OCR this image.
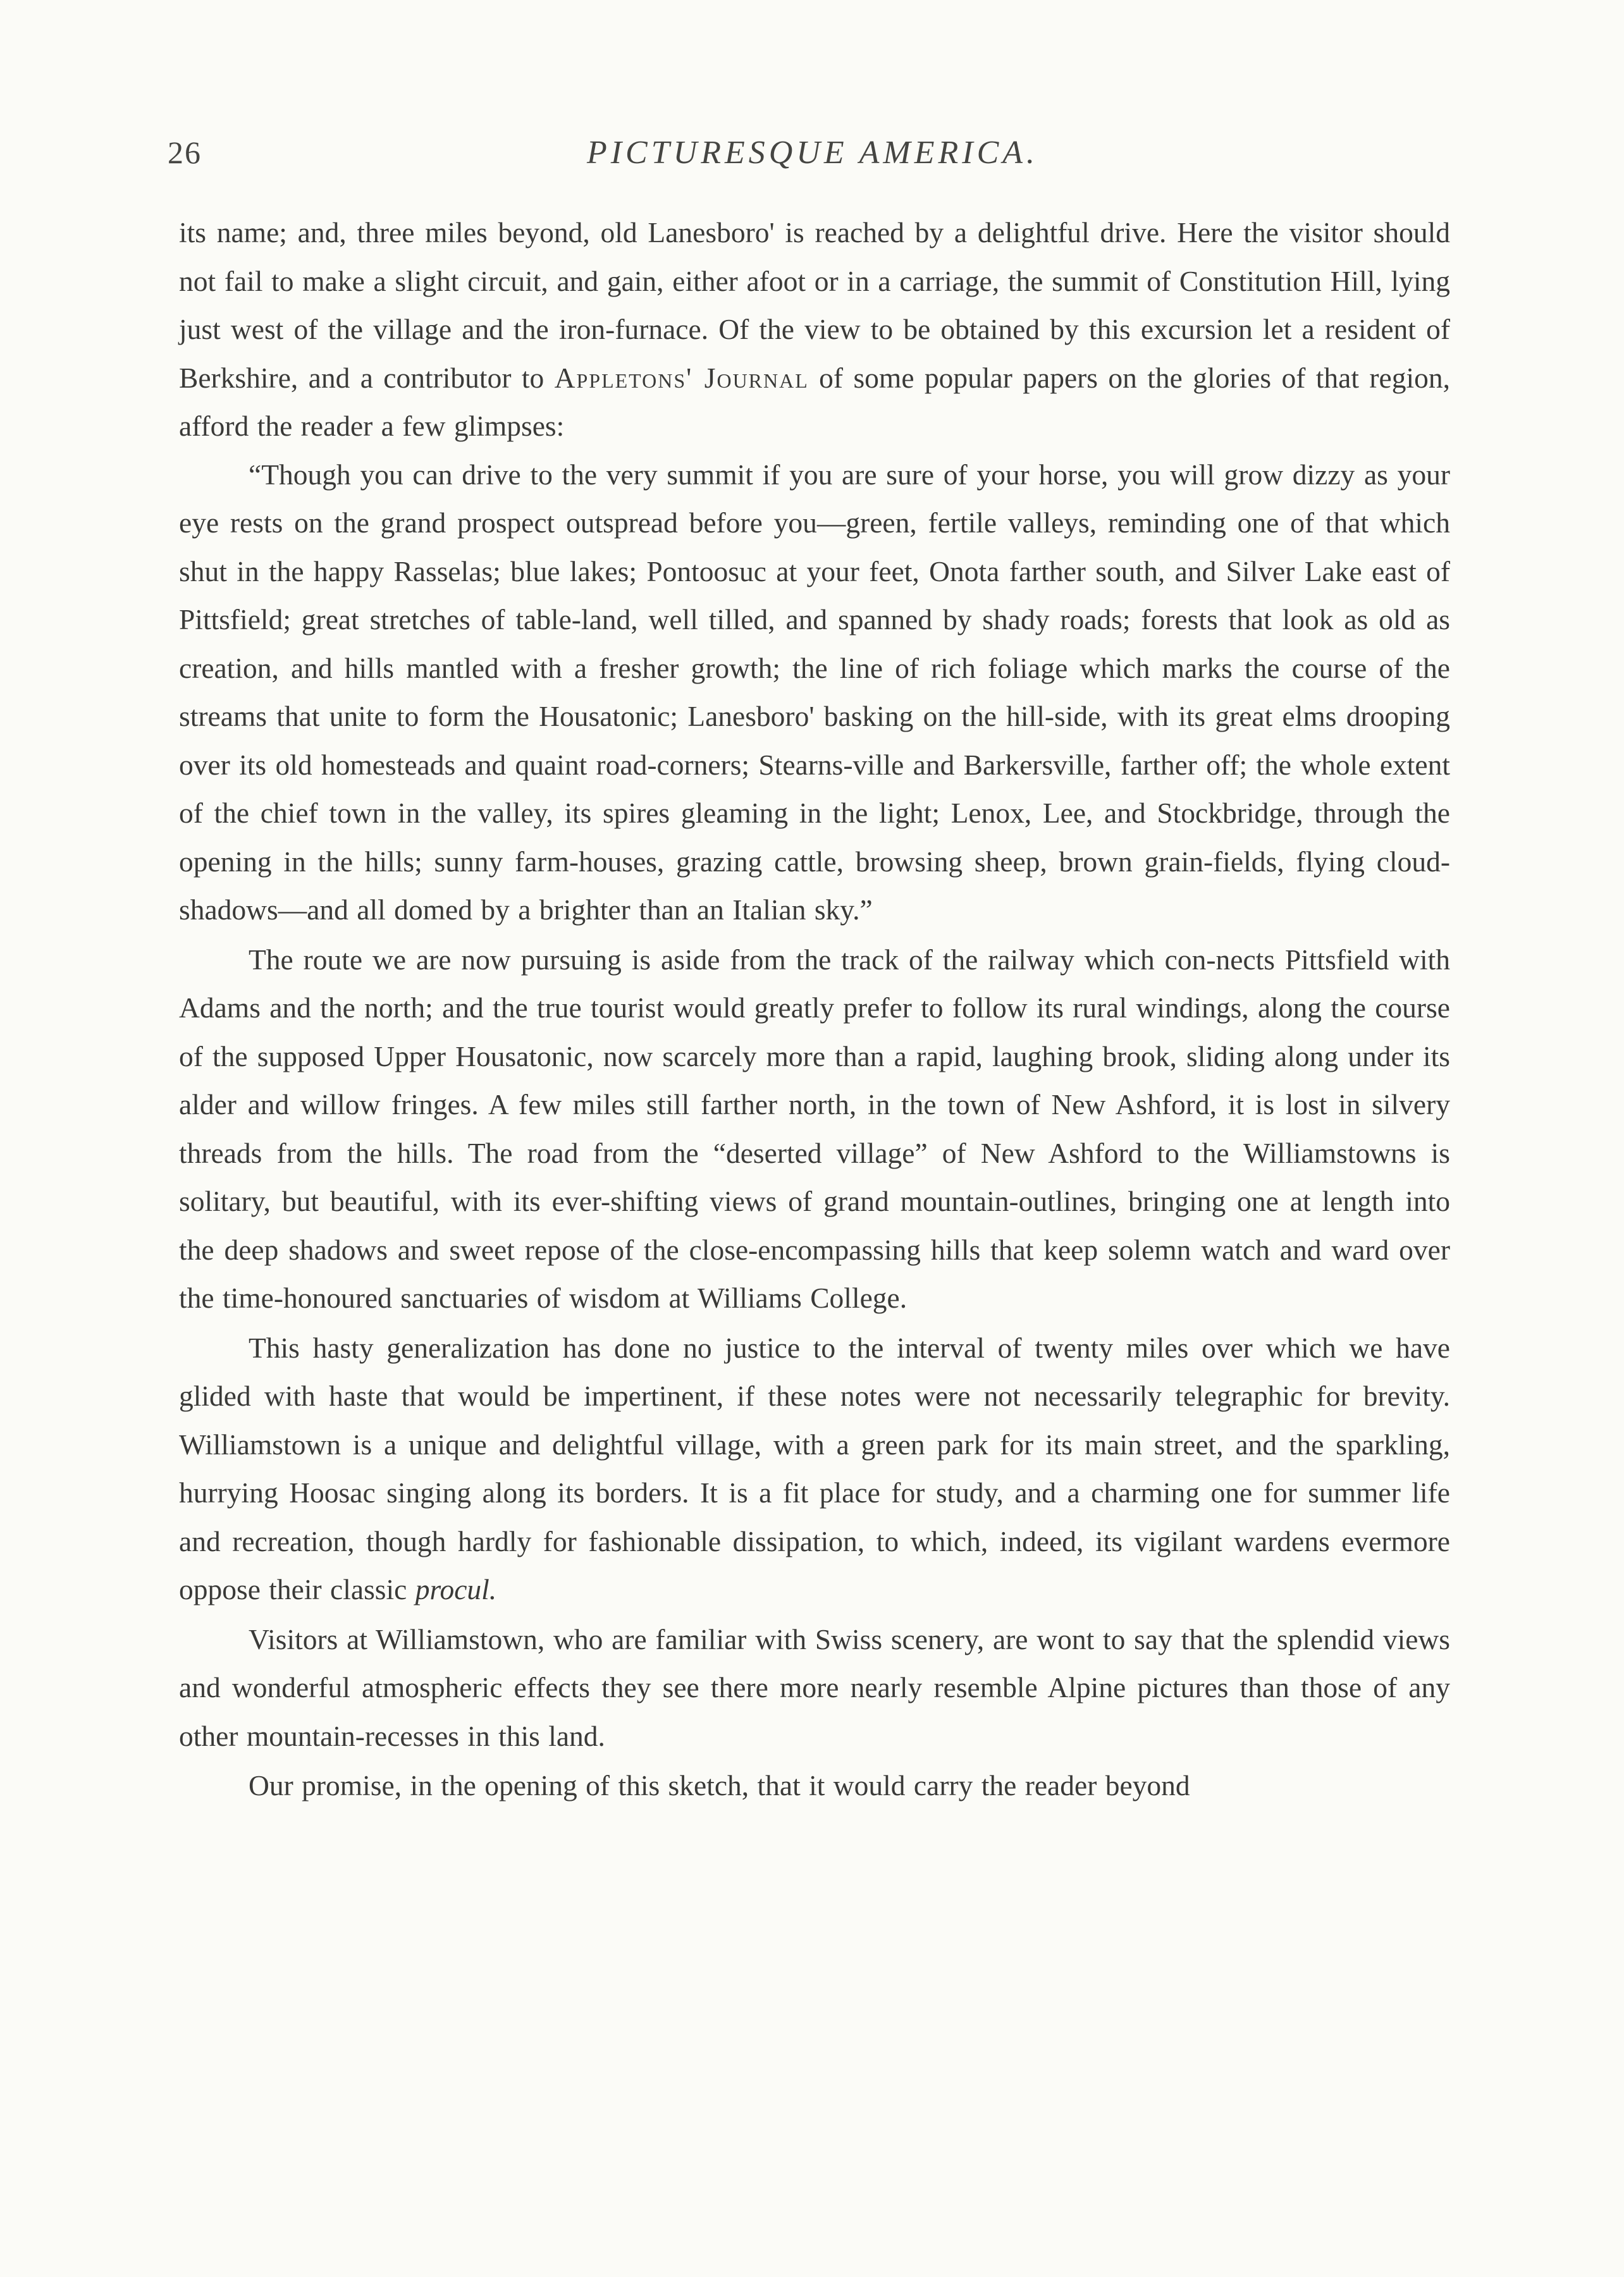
26	PICTURESQUE AMERICA.

its name; and, three miles beyond, old Lanesboro' is reached by a delightful drive. Here the visitor should not fail to make a slight circuit, and gain, either afoot or in a carriage, the summit of Constitution Hill, lying just west of the village and the iron-furnace. Of the view to be obtained by this excursion let a resident of Berkshire, and a contributor to Appletons' Journal of some popular papers on the glories of that region, afford the reader a few glimpses:

“Though you can drive to the very summit if you are sure of your horse, you will grow dizzy as your eye rests on the grand prospect outspread before you—green, fertile valleys, reminding one of that which shut in the happy Rasselas; blue lakes; Pontoosuc at your feet, Onota farther south, and Silver Lake east of Pittsfield; great stretches of table-land, well tilled, and spanned by shady roads; forests that look as old as creation, and hills mantled with a fresher growth; the line of rich foliage which marks the course of the streams that unite to form the Housatonic; Lanesboro' basking on the hill-side, with its great elms drooping over its old homesteads and quaint road-corners; Stearns-ville and Barkersville, farther off; the whole extent of the chief town in the valley, its spires gleaming in the light; Lenox, Lee, and Stockbridge, through the opening in the hills; sunny farm-houses, grazing cattle, browsing sheep, brown grain-fields, flying cloud-shadows—and all domed by a brighter than an Italian sky.”

The route we are now pursuing is aside from the track of the railway which con-nects Pittsfield with Adams and the north; and the true tourist would greatly prefer to follow its rural windings, along the course of the supposed Upper Housatonic, now scarcely more than a rapid, laughing brook, sliding along under its alder and willow fringes. A few miles still farther north, in the town of New Ashford, it is lost in silvery threads from the hills. The road from the “deserted village” of New Ashford to the Williamstowns is solitary, but beautiful, with its ever-shifting views of grand mountain-outlines, bringing one at length into the deep shadows and sweet repose of the close-encompassing hills that keep solemn watch and ward over the time-honoured sanctuaries of wisdom at Williams College.

This hasty generalization has done no justice to the interval of twenty miles over which we have glided with haste that would be impertinent, if these notes were not necessarily telegraphic for brevity. Williamstown is a unique and delightful village, with a green park for its main street, and the sparkling, hurrying Hoosac singing along its borders. It is a fit place for study, and a charming one for summer life and recreation, though hardly for fashionable dissipation, to which, indeed, its vigilant wardens evermore oppose their classic procul.

Visitors at Williamstown, who are familiar with Swiss scenery, are wont to say that the splendid views and wonderful atmospheric effects they see there more nearly resemble Alpine pictures than those of any other mountain-recesses in this land.

Our promise, in the opening of this sketch, that it would carry the reader beyond
